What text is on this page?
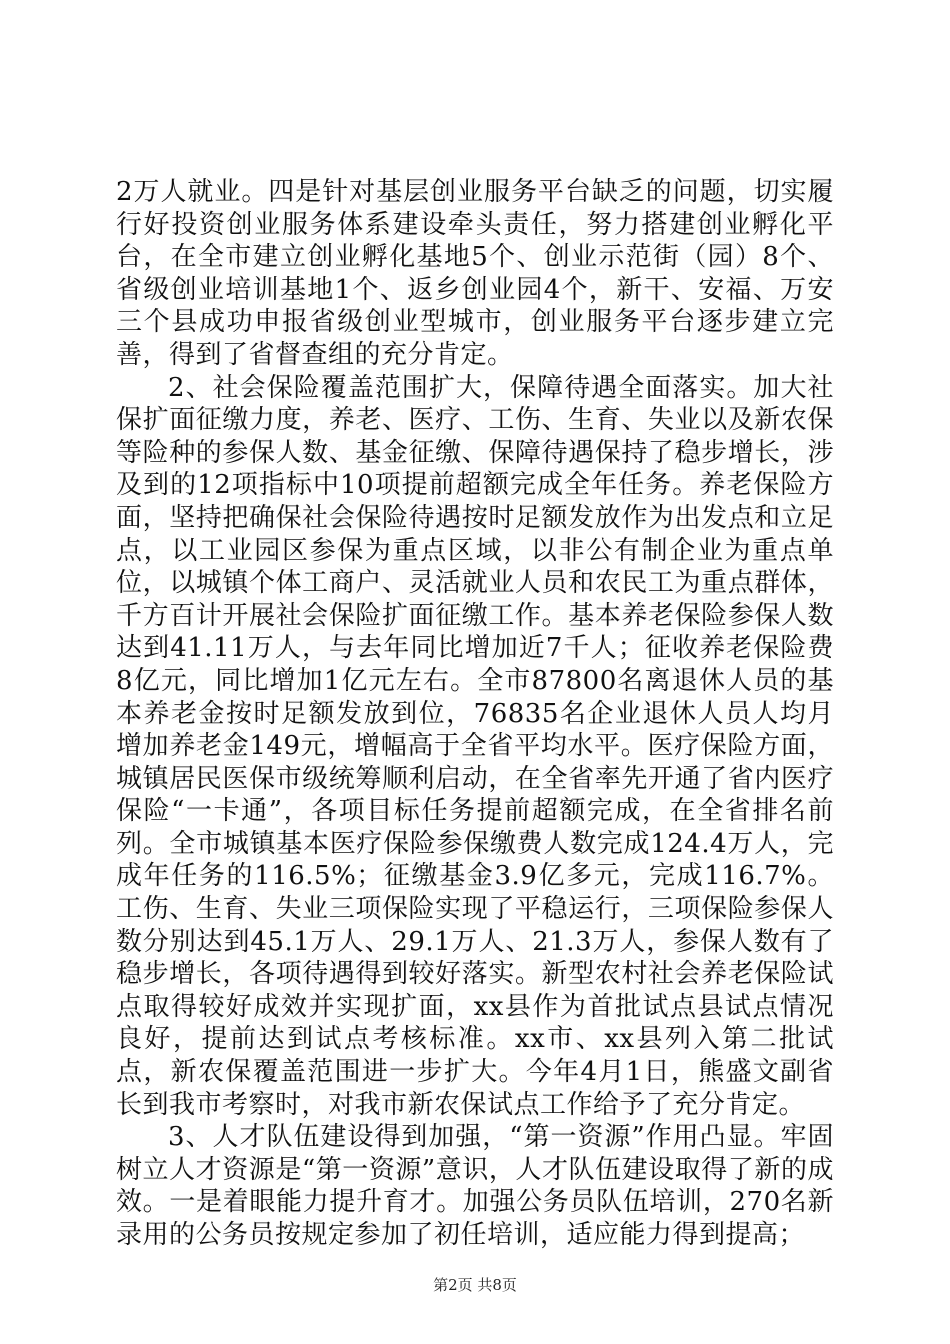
2万人就业。四是针对基层创业服务平台缺乏的问题，切实履行好投资创业服务体系建设牵头责任，努力搭建创业孵化平台，在全市建立创业孵化基地5个、创业示范街（园）8个、省级创业培训基地1个、返乡创业园4个，新干、安福、万安三个县成功申报省级创业型城市，创业服务平台逐步建立完善，得到了省督查组的充分肯定。

2、社会保险覆盖范围扩大，保障待遇全面落实。加大社保扩面征缴力度，养老、医疗、工伤、生育、失业以及新农保等险种的参保人数、基金征缴、保障待遇保持了稳步增长，涉及到的12项指标中10项提前超额完成全年任务。养老保险方面，坚持把确保社会保险待遇按时足额发放作为出发点和立足点，以工业园区参保为重点区域，以非公有制企业为重点单位，以城镇个体工商户、灵活就业人员和农民工为重点群体，千方百计开展社会保险扩面征缴工作。基本养老保险参保人数达到41.11万人，与去年同比增加近7千人；征收养老保险费8亿元，同比增加1亿元左右。全市87800名离退休人员的基本养老金按时足额发放到位，76835名企业退休人员人均月增加养老金149元，增幅高于全省平均水平。医疗保险方面，城镇居民医保市级统筹顺利启动，在全省率先开通了省内医疗保险“一卡通”，各项目标任务提前超额完成，在全省排名前列。全市城镇基本医疗保险参保缴费人数完成124.4万人，完成年任务的116.5%；征缴基金3.9亿多元，完成116.7%。工伤、生育、失业三项保险实现了平稳运行，三项保险参保人数分别达到45.1万人、29.1万人、21.3万人，参保人数有了稳步增长，各项待遇得到较好落实。新型农村社会养老保险试点取得较好成效并实现扩面，xx县作为首批试点县试点情况良好，提前达到试点考核标准。xx市、xx县列入第二批试点，新农保覆盖范围进一步扩大。今年4月1日，熊盛文副省长到我市考察时，对我市新农保试点工作给予了充分肯定。

3、人才队伍建设得到加强，“第一资源”作用凸显。牢固树立人才资源是“第一资源”意识，人才队伍建设取得了新的成效。一是着眼能力提升育才。加强公务员队伍培训，270名新录用的公务员按规定参加了初任培训，适应能力得到提高；

第2页 共8页
